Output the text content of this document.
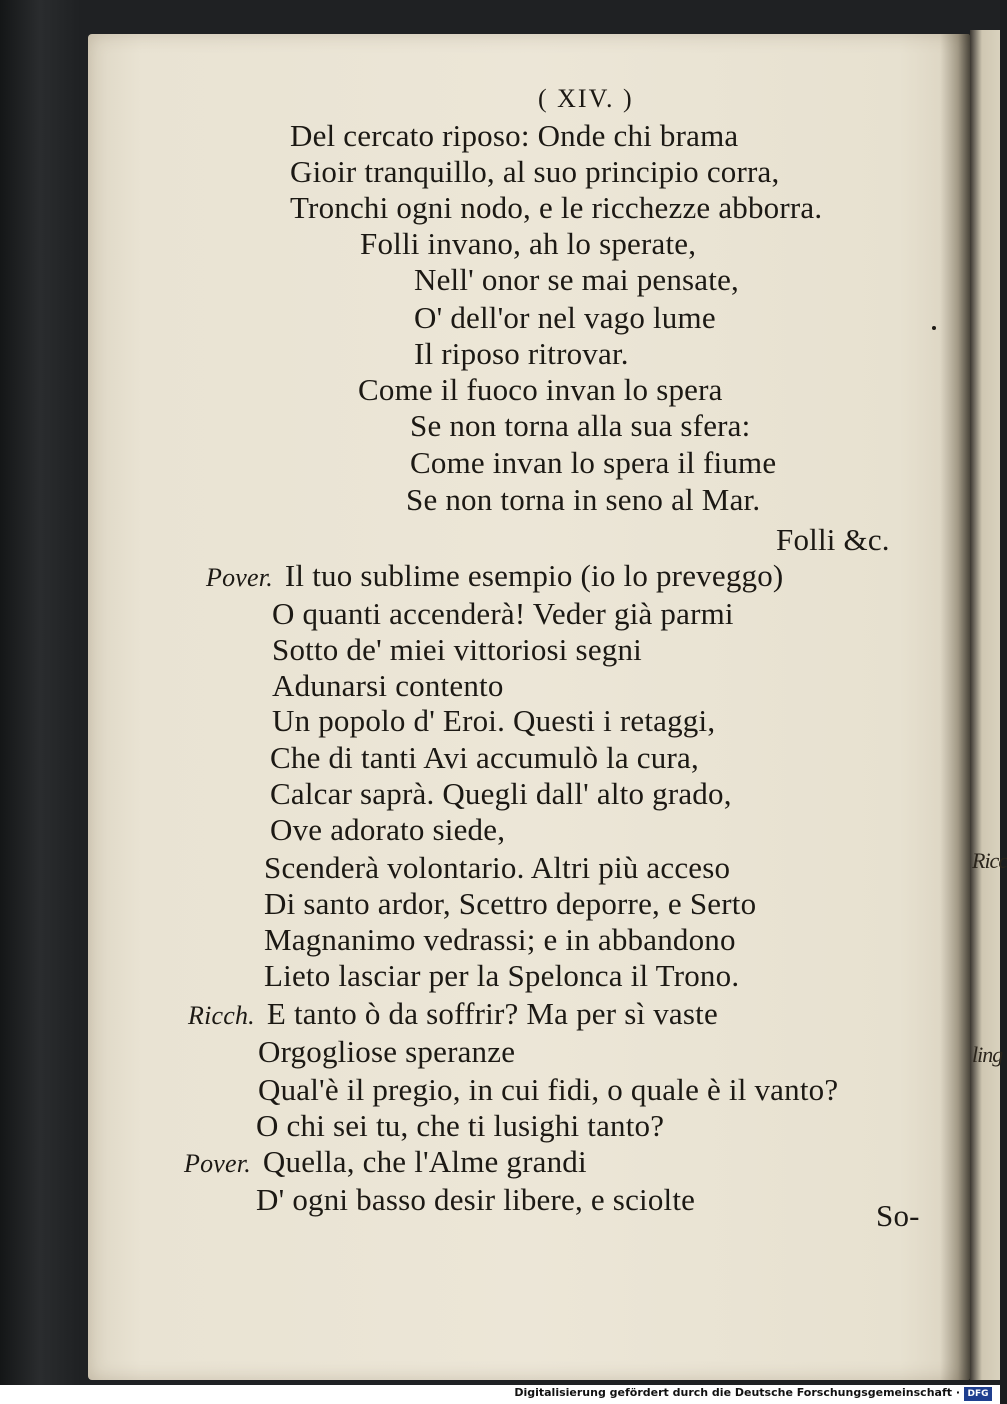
Ricc
ling
( XIV. )
Del cercato riposo: Onde chi brama
Gioir tranquillo, al suo principio corra,
Tronchi ogni nodo, e le ricchezze abborra.
Folli invano, ah lo sperate,
Nell' onor se mai pensate,
O' dell'or nel vago lume
Il riposo ritrovar.
Come il fuoco invan lo spera
Se non torna alla sua sfera:
Come invan lo spera il fiume
Se non torna in seno al Mar.
Folli &c.
Pover. Il tuo sublime esempio (io lo preveggo)
O quanti accenderà! Veder già parmi
Sotto de' miei vittoriosi segni
Adunarsi contento
Un popolo d' Eroi. Questi i retaggi,
Che di tanti Avi accumulò la cura,
Calcar saprà. Quegli dall' alto grado,
Ove adorato siede,
Scenderà volontario. Altri più acceso
Di santo ardor, Scettro deporre, e Serto
Magnanimo vedrassi; e in abbandono
Lieto lasciar per la Spelonca il Trono.
Ricch. E tanto ò da soffrir? Ma per sì vaste
Orgogliose speranze
Qual'è il pregio, in cui fidi, o quale è il vanto?
O chi sei tu, che ti lusighi tanto?
Pover. Quella, che l'Alme grandi
D' ogni basso desir libere, e sciolte	So-
Digitalisierung gefördert durch die Deutsche Forschungsgemeinschaft · DFG
